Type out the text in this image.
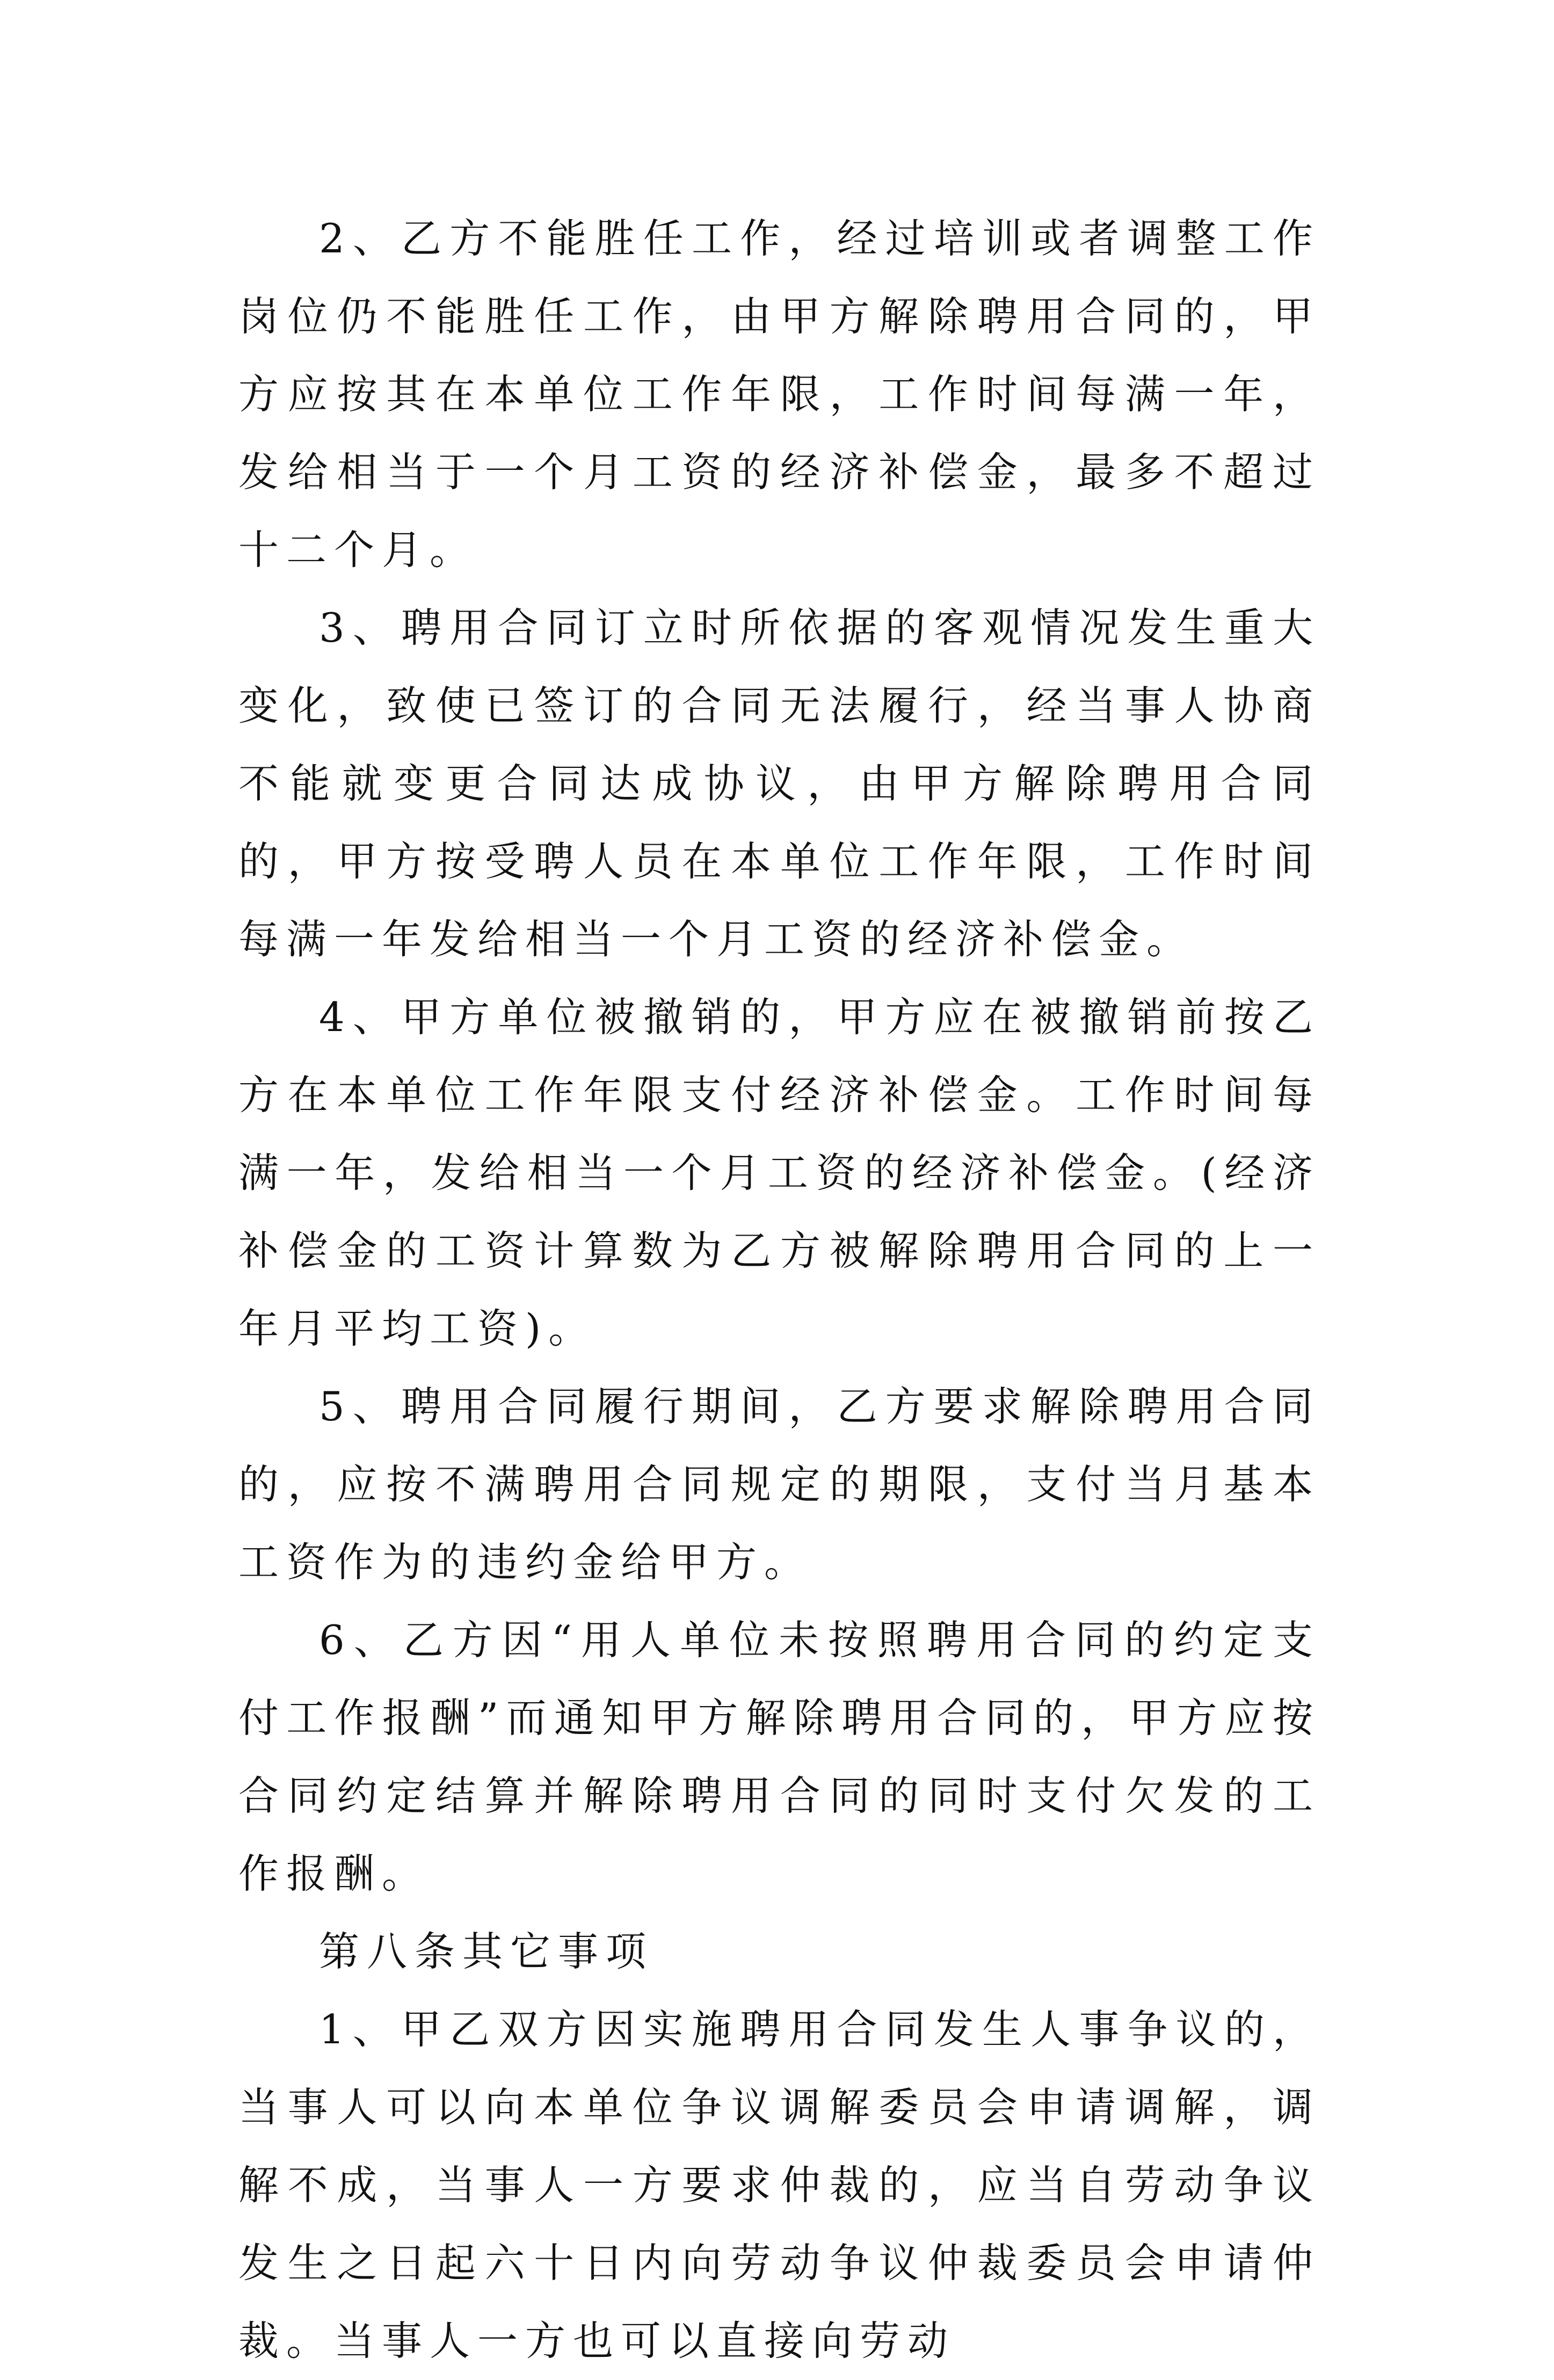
2、乙方不能胜任工作，经过培训或者调整工作岗位仍不能胜任工作，由甲方解除聘用合同的，甲方应按其在本单位工作年限，工作时间每满一年，发给相当于一个月工资的经济补偿金，最多不超过十二个月。

3、聘用合同订立时所依据的客观情况发生重大变化，致使已签订的合同无法履行，经当事人协商不能就变更合同达成协议，由甲方解除聘用合同的，甲方按受聘人员在本单位工作年限，工作时间每满一年发给相当一个月工资的经济补偿金。

4、甲方单位被撤销的，甲方应在被撤销前按乙方在本单位工作年限支付经济补偿金。工作时间每满一年，发给相当一个月工资的经济补偿金。(经济补偿金的工资计算数为乙方被解除聘用合同的上一年月平均工资)。

5、聘用合同履行期间，乙方要求解除聘用合同的，应按不满聘用合同规定的期限，支付当月基本工资作为的违约金给甲方。

6、乙方因“用人单位未按照聘用合同的约定支付工作报酬”而通知甲方解除聘用合同的，甲方应按合同约定结算并解除聘用合同的同时支付欠发的工作报酬。

第八条其它事项

1、甲乙双方因实施聘用合同发生人事争议的，当事人可以向本单位争议调解委员会申请调解，调解不成，当事人一方要求仲裁的，应当自劳动争议发生之日起六十日内向劳动争议仲裁委员会申请仲裁。当事人一方也可以直接向劳动
